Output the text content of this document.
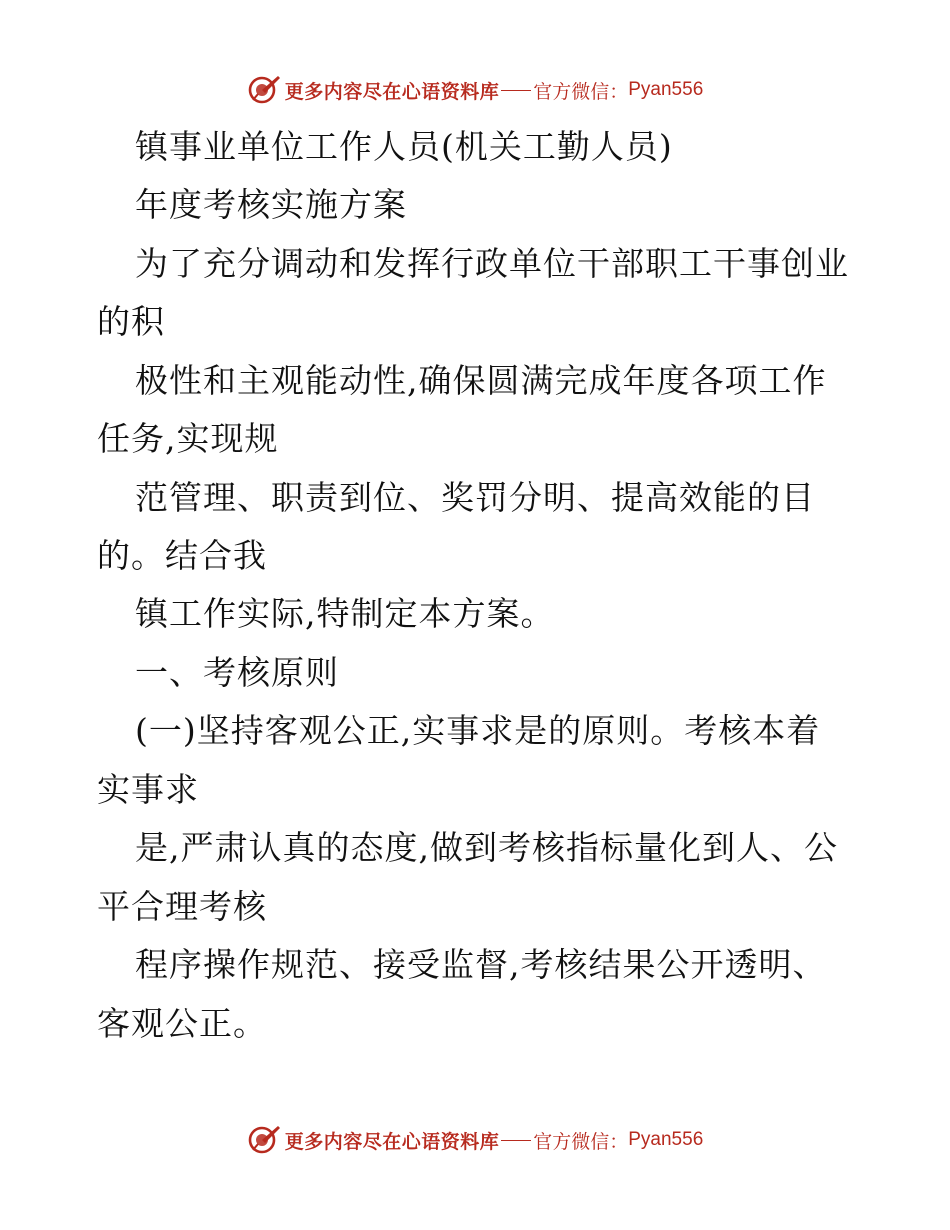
更多内容尽在心语资料库 官方微信： Pyan556
镇事业单位工作人员(机关工勤人员)
年度考核实施方案
为了充分调动和发挥行政单位干部职工干事创业
的积
极性和主观能动性,确保圆满完成年度各项工作
任务,实现规
范管理、职责到位、奖罚分明、提高效能的目
的。结合我
镇工作实际,特制定本方案。
一、考核原则
(一)坚持客观公正,实事求是的原则。考核本着
实事求
是,严肃认真的态度,做到考核指标量化到人、公
平合理考核
程序操作规范、接受监督,考核结果公开透明、
客观公正。
更多内容尽在心语资料库 官方微信： Pyan556
